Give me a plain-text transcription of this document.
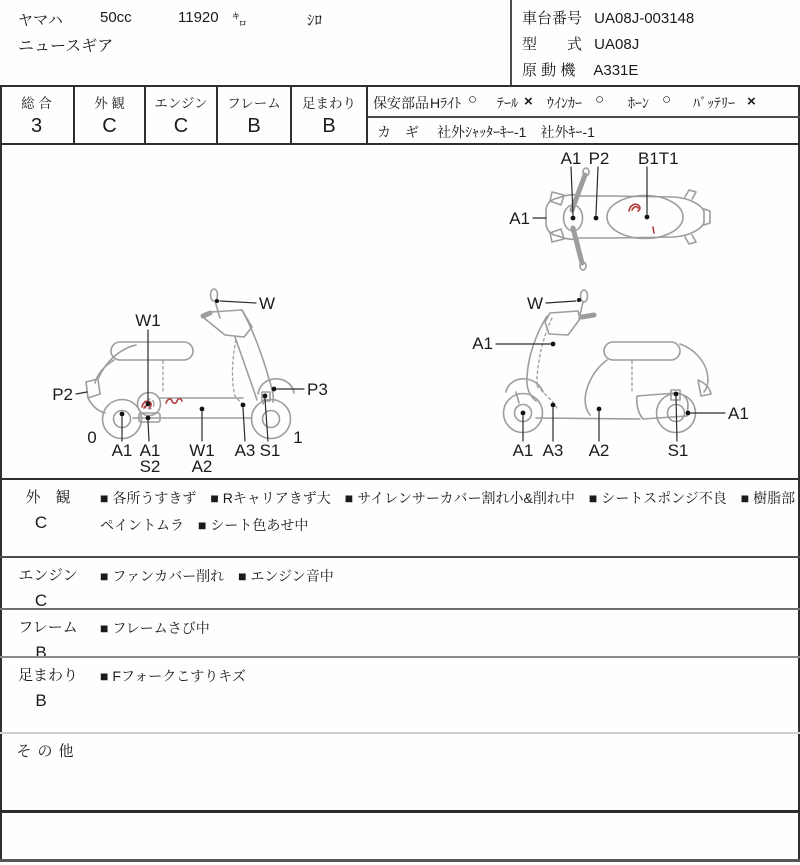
ヤマハ 50cc	11920 ㌔	ｼﾛ
ニュースギア
車台番号 UA08J-003148
型　　式 UA08J
原 動 機 A331E
総 合
3
外 観
C
エンジン
C
フレーム
B
足まわり
B
保安部品 Hﾗｲﾄ ○ ﾃｰﾙ × ｳｲﾝｶｰ ○ ﾎｰﾝ ○ ﾊﾞｯﾃﾘｰ ×
カ　ギ 社外ｼｬｯﾀｰｷｰ-1　社外ｷｰ-1
A1
A1 P2 B1T1
W1
W
P2	P3
0	1
A1 A1
S2
W1
A2
A3 S1
W
A1
A1
A1 A3 A2	S1
外　観
C
■ 各所うすきず　■ Rキャリアきず大　■ サイレンサーカバー割れ小&削れ中　■ シートスポンジ不良　■ 樹脂部ペイントムラ　■ シート色あせ中
エンジン
C
■ ファンカバー削れ　■ エンジン音中
フレーム
B
■ フレームさび中
足まわり
B
■ Fフォークこすりキズ
その他
